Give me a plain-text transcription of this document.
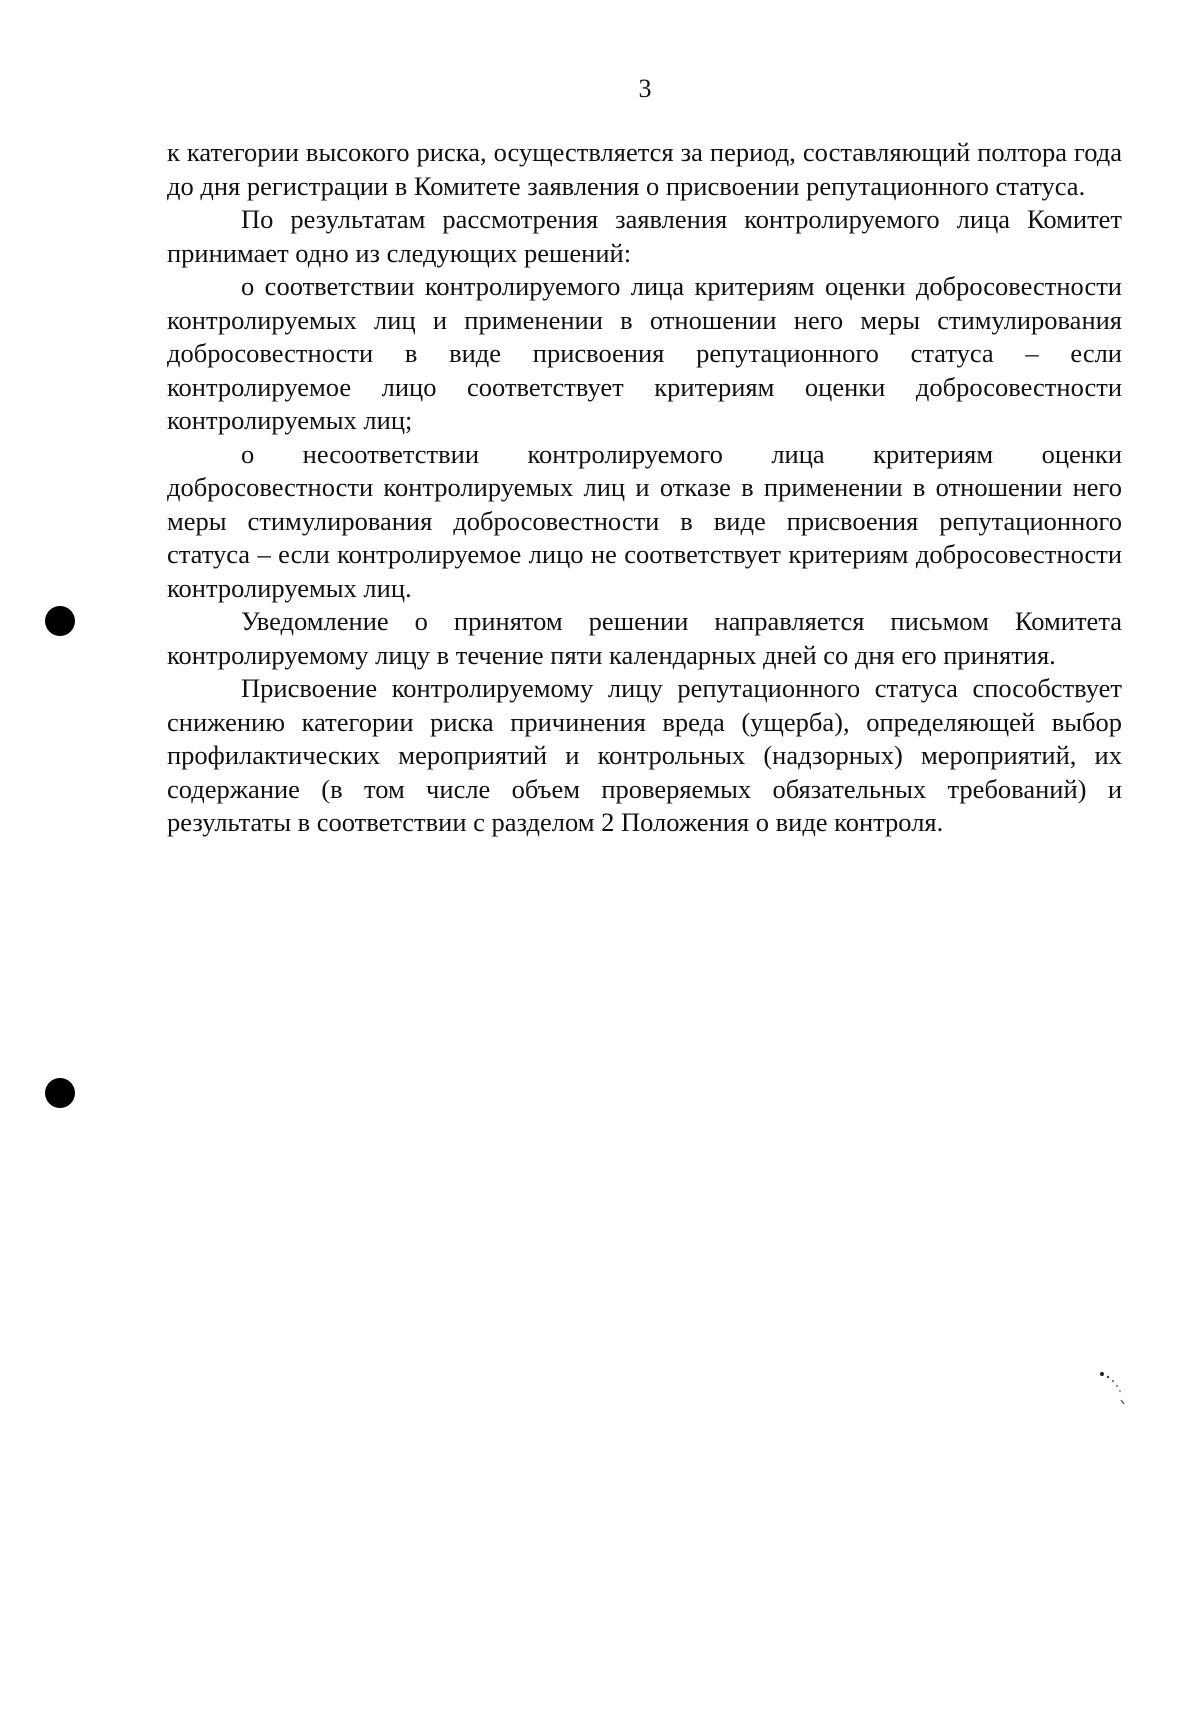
3

к категории высокого риска, осуществляется за период, составляющий полтора года до дня регистрации в Комитете заявления о присвоении репутационного статуса.

По результатам рассмотрения заявления контролируемого лица Комитет принимает одно из следующих решений:

о соответствии контролируемого лица критериям оценки добросовестности контролируемых лиц и применении в отношении него меры стимулирования добросовестности в виде присвоения репутационного статуса – если контролируемое лицо соответствует критериям оценки добросовестности контролируемых лиц;

о несоответствии контролируемого лица критериям оценки добросовестности контролируемых лиц и отказе в применении в отношении него меры стимулирования добросовестности в виде присвоения репутационного статуса – если контролируемое лицо не соответствует критериям добросовестности контролируемых лиц.

Уведомление о принятом решении направляется письмом Комитета контролируемому лицу в течение пяти календарных дней со дня его принятия.

Присвоение контролируемому лицу репутационного статуса способствует снижению категории риска причинения вреда (ущерба), определяющей выбор профилактических мероприятий и контрольных (надзорных) мероприятий, их содержание (в том числе объем проверяемых обязательных требований) и результаты в соответствии с разделом 2 Положения о виде контроля.
